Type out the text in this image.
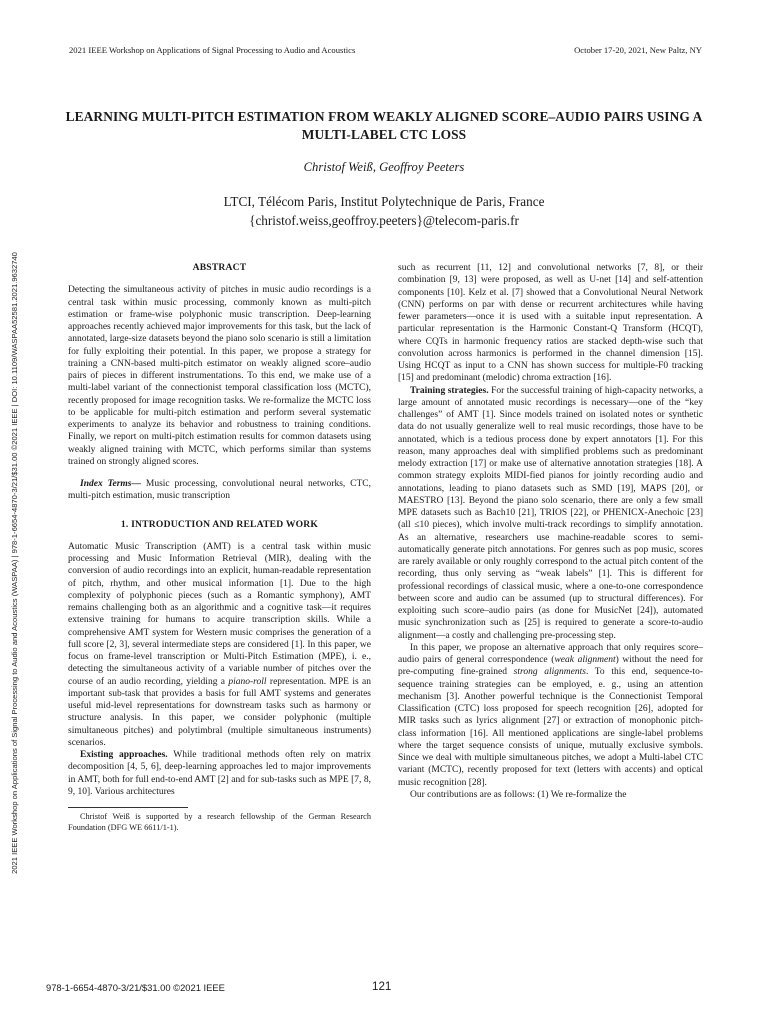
2021 IEEE Workshop on Applications of Signal Processing to Audio and Acoustics	October 17-20, 2021, New Paltz, NY
2021 IEEE Workshop on Applications of Signal Processing to Audio and Acoustics (WASPAA) | 978-1-6654-4870-3/21/$31.00 ©2021 IEEE | DOI: 10.1109/WASPAA52581.2021.9632740
LEARNING MULTI-PITCH ESTIMATION FROM WEAKLY ALIGNED SCORE–AUDIO PAIRS USING A MULTI-LABEL CTC LOSS
Christof Weiß, Geoffroy Peeters
LTCI, Télécom Paris, Institut Polytechnique de Paris, France
{christof.weiss,geoffroy.peeters}@telecom-paris.fr
ABSTRACT

Detecting the simultaneous activity of pitches in music audio recordings is a central task within music processing, commonly known as multi-pitch estimation or frame-wise polyphonic music transcription. Deep-learning approaches recently achieved major improvements for this task, but the lack of annotated, large-size datasets beyond the piano solo scenario is still a limitation for fully exploiting their potential. In this paper, we propose a strategy for training a CNN-based multi-pitch estimator on weakly aligned score–audio pairs of pieces in different instrumentations. To this end, we make use of a multi-label variant of the connectionist temporal classification loss (MCTC), recently proposed for image recognition tasks. We re-formalize the MCTC loss to be applicable for multi-pitch estimation and perform several systematic experiments to analyze its behavior and robustness to training conditions. Finally, we report on multi-pitch estimation results for common datasets using weakly aligned training with MCTC, which performs similar than systems trained on strongly aligned scores.

Index Terms— Music processing, convolutional neural networks, CTC, multi-pitch estimation, music transcription

1. INTRODUCTION AND RELATED WORK

Automatic Music Transcription (AMT) is a central task within music processing and Music Information Retrieval (MIR), dealing with the conversion of audio recordings into an explicit, human-readable representation of pitch, rhythm, and other musical information [1]. Due to the high complexity of polyphonic pieces (such as a Romantic symphony), AMT remains challenging both as an algorithmic and a cognitive task—it requires extensive training for humans to acquire transcription skills. While a comprehensive AMT system for Western music comprises the generation of a full score [2, 3], several intermediate steps are considered [1]. In this paper, we focus on frame-level transcription or Multi-Pitch Estimation (MPE), i. e., detecting the simultaneous activity of a variable number of pitches over the course of an audio recording, yielding a piano-roll representation. MPE is an important sub-task that provides a basis for full AMT systems and generates useful mid-level representations for downstream tasks such as harmony or structure analysis. In this paper, we consider polyphonic (multiple simultaneous pitches) and polytimbral (multiple simultaneous instruments) scenarios.

Existing approaches. While traditional methods often rely on matrix decomposition [4, 5, 6], deep-learning approaches led to major improvements in AMT, both for full end-to-end AMT [2] and for sub-tasks such as MPE [7, 8, 9, 10]. Various architectures

Christof Weiß is supported by a research fellowship of the German Research Foundation (DFG WE 6611/1-1).

such as recurrent [11, 12] and convolutional networks [7, 8], or their combination [9, 13] were proposed, as well as U-net [14] and self-attention components [10]. Kelz et al. [7] showed that a Convolutional Neural Network (CNN) performs on par with dense or recurrent architectures while having fewer parameters—once it is used with a suitable input representation. A particular representation is the Harmonic Constant-Q Transform (HCQT), where CQTs in harmonic frequency ratios are stacked depth-wise such that convolution across harmonics is performed in the channel dimension [15]. Using HCQT as input to a CNN has shown success for multiple-F0 tracking [15] and predominant (melodic) chroma extraction [16].

Training strategies. For the successful training of high-capacity networks, a large amount of annotated music recordings is necessary—one of the “key challenges” of AMT [1]. Since models trained on isolated notes or synthetic data do not usually generalize well to real music recordings, those have to be annotated, which is a tedious process done by expert annotators [1]. For this reason, many approaches deal with simplified problems such as predominant melody extraction [17] or make use of alternative annotation strategies [18]. A common strategy exploits MIDI-fied pianos for jointly recording audio and annotations, leading to piano datasets such as SMD [19], MAPS [20], or MAESTRO [13]. Beyond the piano solo scenario, there are only a few small MPE datasets such as Bach10 [21], TRIOS [22], or PHENICX-Anechoic [23] (all ≤10 pieces), which involve multi-track recordings to simplify annotation. As an alternative, researchers use machine-readable scores to semi-automatically generate pitch annotations. For genres such as pop music, scores are rarely available or only roughly correspond to the actual pitch content of the recording, thus only serving as “weak labels” [1]. This is different for professional recordings of classical music, where a one-to-one correspondence between score and audio can be assumed (up to structural differences). For exploiting such score–audio pairs (as done for MusicNet [24]), automated music synchronization such as [25] is required to generate a score-to-audio alignment—a costly and challenging pre-processing step.

In this paper, we propose an alternative approach that only requires score–audio pairs of general correspondence (weak alignment) without the need for pre-computing fine-grained strong alignments. To this end, sequence-to-sequence training strategies can be employed, e. g., using an attention mechanism [3]. Another powerful technique is the Connectionist Temporal Classification (CTC) loss proposed for speech recognition [26], adopted for MIR tasks such as lyrics alignment [27] or extraction of monophonic pitch-class information [16]. All mentioned applications are single-label problems where the target sequence consists of unique, mutually exclusive symbols. Since we deal with multiple simultaneous pitches, we adopt a Multi-label CTC variant (MCTC), recently proposed for text (letters with accents) and optical music recognition [28].

Our contributions are as follows: (1) We re-formalize the

978-1-6654-4870-3/21/$31.00 ©2021 IEEE	121
